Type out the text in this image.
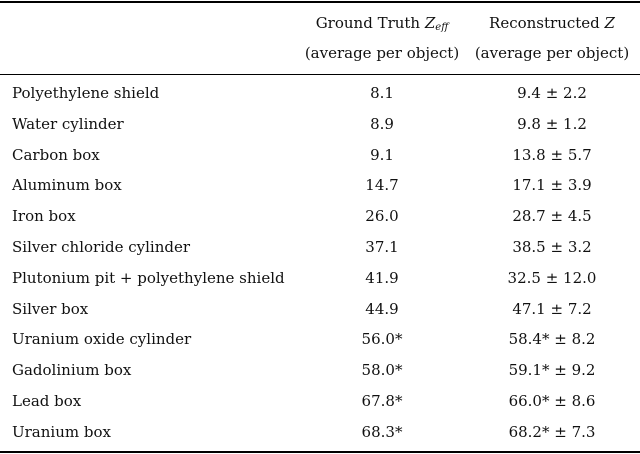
Ground Truth $Z_{eff}$
(average per object)
Reconstructed Z
(average per object)
Polyethylene shield	8.1	9.4 ± 2.2
Water cylinder	8.9	9.8 ± 1.2
Carbon box	9.1	13.8 ± 5.7
Aluminum box	14.7	17.1 ± 3.9
Iron box	26.0	28.7 ± 4.5
Silver chloride cylinder	37.1	38.5 ± 3.2
Plutonium pit + polyethylene shield	41.9	32.5 ± 12.0
Silver box	44.9	47.1 ± 7.2
Uranium oxide cylinder	56.0*	58.4* ± 8.2
Gadolinium box	58.0*	59.1* ± 9.2
Lead box	67.8*	66.0* ± 8.6
Uranium box	68.3*	68.2* ± 7.3
